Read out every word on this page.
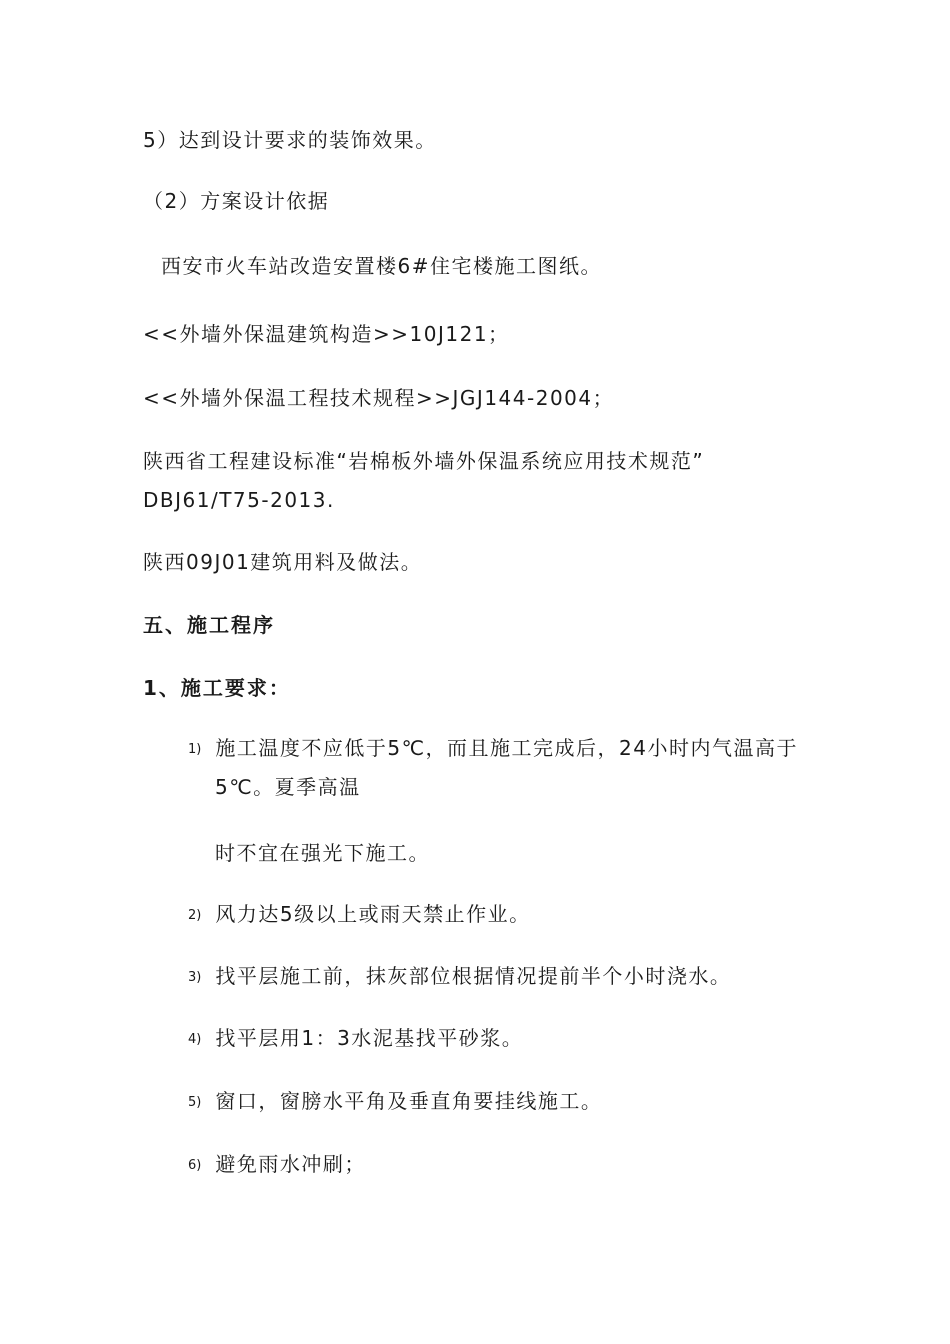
5）达到设计要求的装饰效果。
（2）方案设计依据
西安市火车站改造安置楼6#住宅楼施工图纸。
<<外墙外保温建筑构造>>10J121；
<<外墙外保温工程技术规程>>JGJ144-2004；
陕西省工程建设标准“岩棉板外墙外保温系统应用技术规范”
DBJ61/T75-2013.
陕西09J01建筑用料及做法。
五、施工程序
1、施工要求：
1) 施工温度不应低于5℃，而且施工完成后，24小时内气温高于
5℃。夏季高温
时不宜在强光下施工。
2) 风力达5级以上或雨天禁止作业。
3) 找平层施工前，抹灰部位根据情况提前半个小时浇水。
4) 找平层用1：3水泥基找平砂浆。
5) 窗口，窗膀水平角及垂直角要挂线施工。
6) 避免雨水冲刷；
